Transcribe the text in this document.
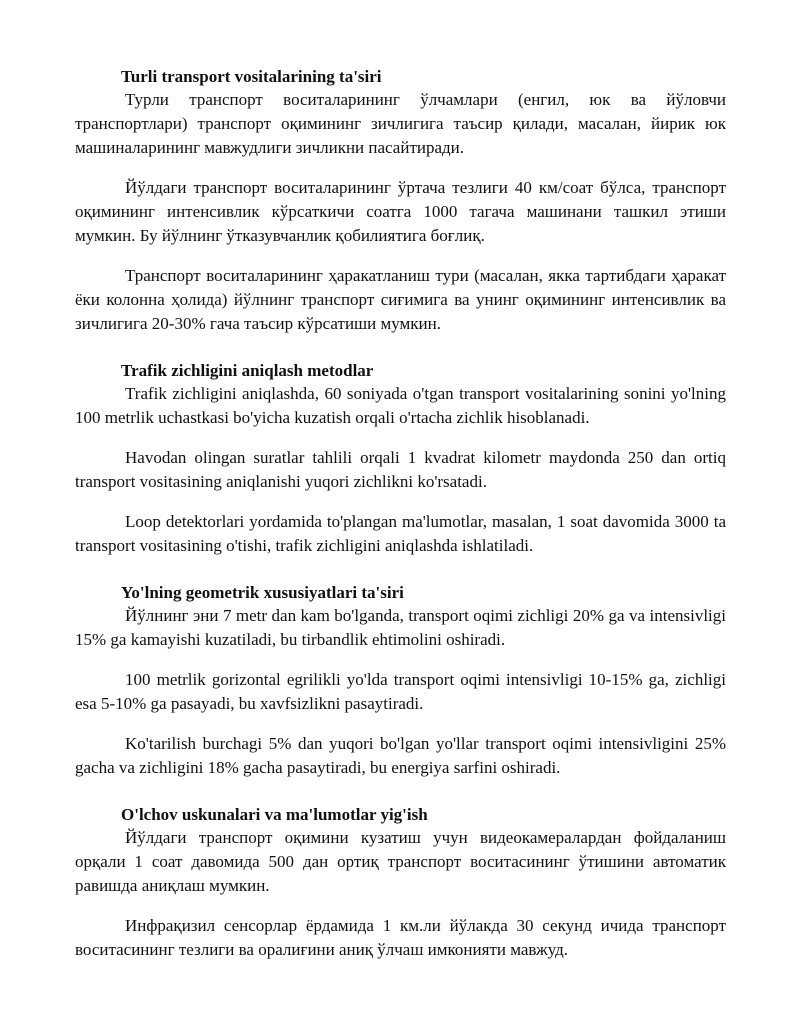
Turli transport vositalarining ta'siri

Турли транспорт воситаларининг ўлчамлари (енгил, юк ва йўловчи транспортлари) транспорт оқимининг зичлигига таъсир қилади, масалан, йирик юк машиналарининг мавжудлиги зичликни пасайтиради.

Йўлдаги транспорт воситаларининг ўртача тезлиги 40 км/соат бўлса, транспорт оқимининг интенсивлик кўрсаткичи соатга 1000 тагача машинани ташкил этиши мумкин. Бу йўлнинг ўтказувчанлик қобилиятига боғлиқ.

Транспорт воситаларининг ҳаракатланиш тури (масалан, якка тартибдаги ҳаракат ёки колонна ҳолида) йўлнинг транспорт сиғимига ва унинг оқимининг интенсивлик ва зичлигига 20-30% гача таъсир кўрсатиши мумкин.

Trafik zichligini aniqlash metodlar

Trafik zichligini aniqlashda, 60 soniyada o'tgan transport vositalarining sonini yo'lning 100 metrlik uchastkasi bo'yicha kuzatish orqali o'rtacha zichlik hisoblanadi.

Havodan olingan suratlar tahlili orqali 1 kvadrat kilometr maydonda 250 dan ortiq transport vositasining aniqlanishi yuqori zichlikni ko'rsatadi.

Loop detektorlari yordamida to'plangan ma'lumotlar, masalan, 1 soat davomida 3000 ta transport vositasining o'tishi, trafik zichligini aniqlashda ishlatiladi.

Yo'lning geometrik xususiyatlari ta'siri

Йўлнинг эни 7 metr dan kam bo'lganda, transport oqimi zichligi 20% ga va intensivligi 15% ga kamayishi kuzatiladi, bu tirbandlik ehtimolini oshiradi.

100 metrlik gorizontal egrilikli yo'lda transport oqimi intensivligi 10-15% ga, zichligi esa 5-10% ga pasayadi, bu xavfsizlikni pasaytiradi.

Ko'tarilish burchagi 5% dan yuqori bo'lgan yo'llar transport oqimi intensivligini 25% gacha va zichligini 18% gacha pasaytiradi, bu energiya sarfini oshiradi.

O'lchov uskunalari va ma'lumotlar yig'ish

Йўлдаги транспорт оқимини кузатиш учун видеокамералардан фойдаланиш орқали 1 соат давомида 500 дан ортиқ транспорт воситасининг ўтишини автоматик равишда аниқлаш мумкин.

Инфрақизил сенсорлар ёрдамида 1 км.ли йўлакда 30 секунд ичида транспорт воситасининг тезлиги ва оралиғини аниқ ўлчаш имконияти мавжуд.
